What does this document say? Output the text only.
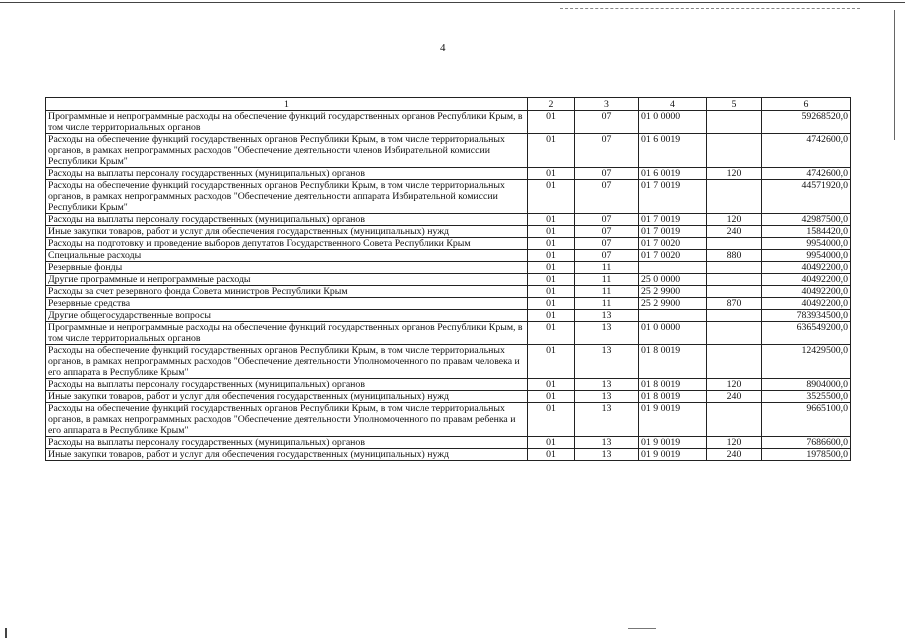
4
1	2	3	4	5	6
Программные и непрограммные расходы на обеспечение функций государственных органов Республики Крым, в том числе территориальных органов	01	07	01 0 0000		59268520,0
Расходы на обеспечение функций государственных органов Республики Крым, в том числе территориальных органов, в рамках непрограммных расходов "Обеспечение деятельности членов Избирательной комиссии Республики Крым"	01	07	01 6 0019		4742600,0
Расходы на выплаты персоналу государственных (муниципальных) органов	01	07	01 6 0019	120	4742600,0
Расходы на обеспечение функций государственных органов Республики Крым, в том числе территориальных органов, в рамках непрограммных расходов "Обеспечение деятельности аппарата Избирательной комиссии Республики Крым"	01	07	01 7 0019		44571920,0
Расходы на выплаты персоналу государственных (муниципальных) органов	01	07	01 7 0019	120	42987500,0
Иные закупки товаров, работ и услуг для обеспечения государственных (муниципальных) нужд	01	07	01 7 0019	240	1584420,0
Расходы на подготовку и проведение выборов депутатов Государственного Совета Республики Крым	01	07	01 7 0020		9954000,0
Специальные расходы	01	07	01 7 0020	880	9954000,0
Резервные фонды	01	11			40492200,0
Другие программные и непрограммные расходы	01	11	25 0 0000		40492200,0
Расходы за счет резервного фонда Совета министров Республики Крым	01	11	25 2 9900		40492200,0
Резервные средства	01	11	25 2 9900	870	40492200,0
Другие общегосударственные вопросы	01	13			783934500,0
Программные и непрограммные расходы на обеспечение функций государственных органов Республики Крым, в том числе территориальных органов	01	13	01 0 0000		636549200,0
Расходы на обеспечение функций государственных органов Республики Крым, в том числе территориальных органов, в рамках непрограммных расходов "Обеспечение деятельности Уполномоченного по правам человека и его аппарата в Республике Крым"	01	13	01 8 0019		12429500,0
Расходы на выплаты персоналу государственных (муниципальных) органов	01	13	01 8 0019	120	8904000,0
Иные закупки товаров, работ и услуг для обеспечения государственных (муниципальных) нужд	01	13	01 8 0019	240	3525500,0
Расходы на обеспечение функций государственных органов Республики Крым, в том числе территориальных органов, в рамках непрограммных расходов "Обеспечение деятельности Уполномоченного по правам ребенка и его аппарата в Республике Крым"	01	13	01 9 0019		9665100,0
Расходы на выплаты персоналу государственных (муниципальных) органов	01	13	01 9 0019	120	7686600,0
Иные закупки товаров, работ и услуг для обеспечения государственных (муниципальных) нужд	01	13	01 9 0019	240	1978500,0
